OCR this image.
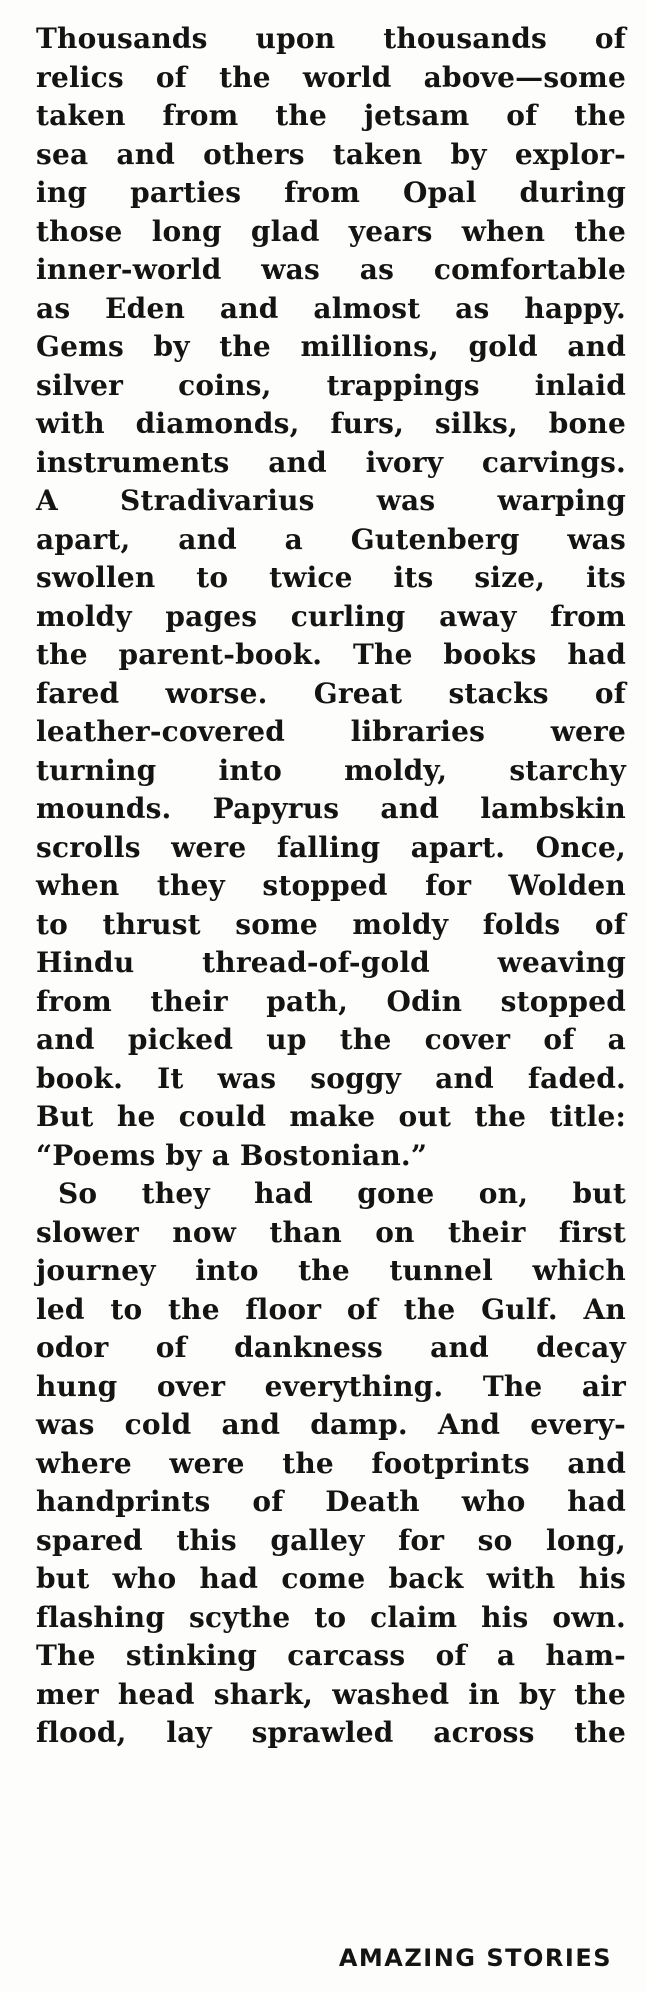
Thousands upon thousands of
relics of the world above—some
taken from the jetsam of the
sea and others taken by explor-
ing parties from Opal during
those long glad years when the
inner-world was as comfortable
as Eden and almost as happy.
Gems by the millions, gold and
silver coins, trappings inlaid
with diamonds, furs, silks, bone
instruments and ivory carvings.
A Stradivarius was warping
apart, and a Gutenberg was
swollen to twice its size, its
moldy pages curling away from
the parent-book. The books had
fared worse. Great stacks of
leather-covered libraries were
turning into moldy, starchy
mounds. Papyrus and lambskin
scrolls were falling apart. Once,
when they stopped for Wolden
to thrust some moldy folds of
Hindu thread-of-gold weaving
from their path, Odin stopped
and picked up the cover of a
book. It was soggy and faded.
But he could make out the title:
“Poems by a Bostonian.”
So they had gone on, but
slower now than on their first
journey into the tunnel which
led to the floor of the Gulf. An
odor of dankness and decay
hung over everything. The air
was cold and damp. And every-
where were the footprints and
handprints of Death who had
spared this galley for so long,
but who had come back with his
flashing scythe to claim his own.
The stinking carcass of a ham-
mer head shark, washed in by the
flood, lay sprawled across the
AMAZING STORIES
